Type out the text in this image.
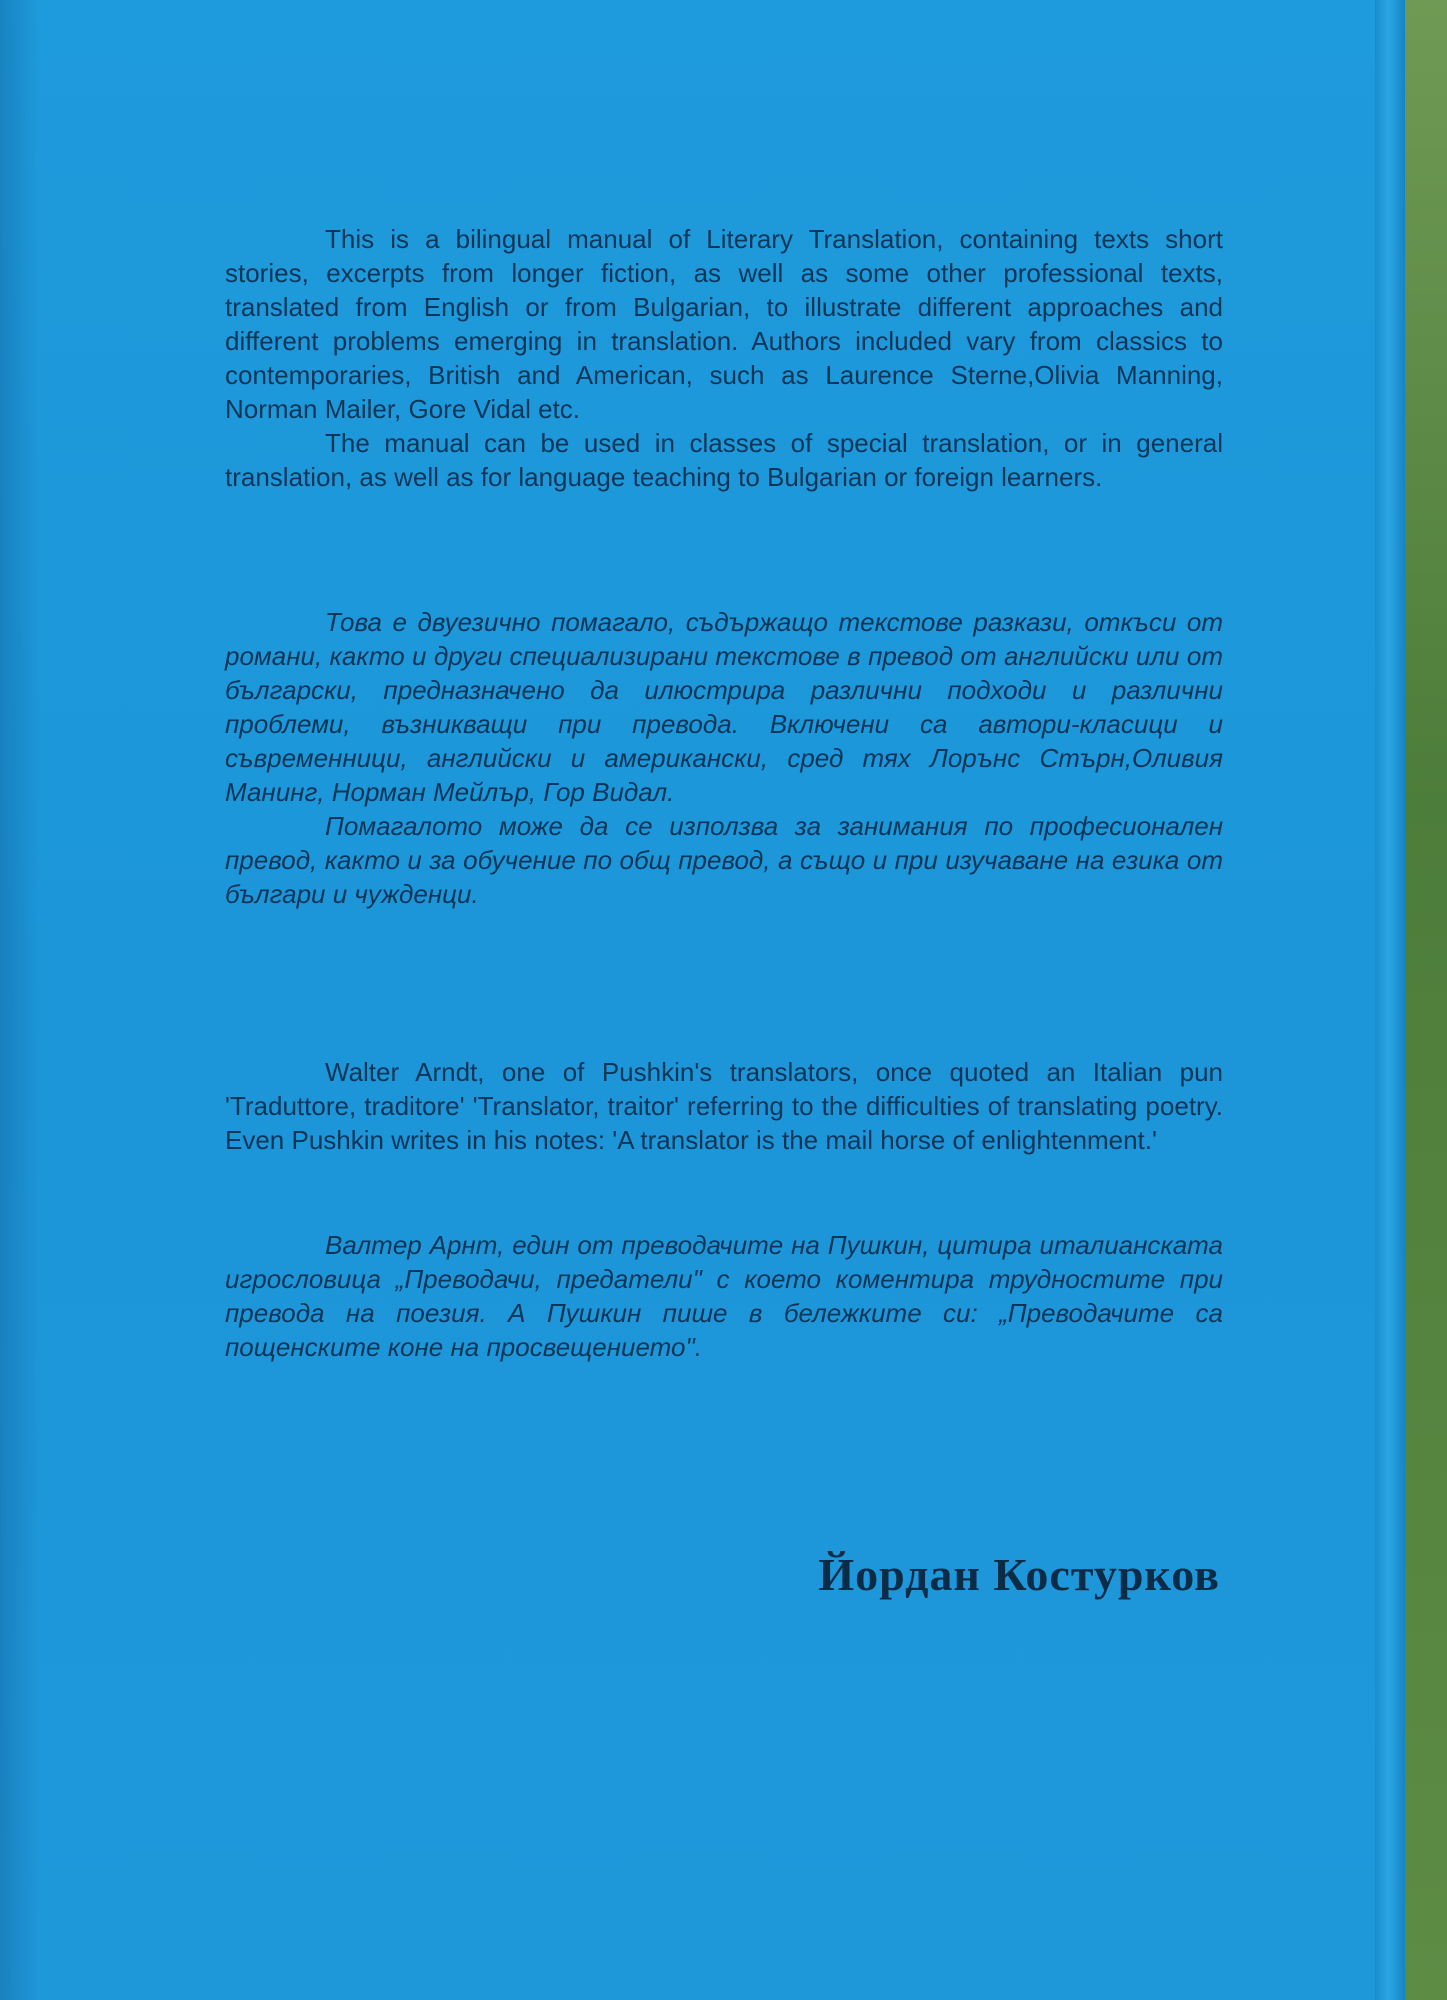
This is a bilingual manual of Literary Translation, containing texts short stories, excerpts from longer fiction, as well as some other professional texts, translated from English or from Bulgarian, to illustrate different approaches and different problems emerging in translation. Authors included vary from classics to contemporaries, British and American, such as Laurence Sterne,Olivia Manning, Norman Mailer, Gore Vidal etc.

The manual can be used in classes of special translation, or in general translation, as well as for language teaching to Bulgarian or foreign learners.

Това е двуезично помагало, съдържащо текстове разкази, откъси от романи, както и други специализирани текстове в превод от английски или от български, предназначено да илюстрира различни подходи и различни проблеми, възникващи при превода. Включени са автори-класици и съвременници, английски и американски, сред тях Лорънс Стърн,Оливия Манинг, Норман Мейлър, Гор Видал.

Помагалото може да се използва за занимания по професионален превод, както и за обучение по общ превод, а също и при изучаване на езика от българи и чужденци.

Walter Arndt, one of Pushkin's translators, once quoted an Italian pun 'Traduttore, traditore' 'Translator, traitor' referring to the difficulties of translating poetry. Even Pushkin writes in his notes: 'A translator is the mail horse of enlightenment.'

Валтер Арнт, един от преводачите на Пушкин, цитира италианската игрословица „Преводачи, предатели" с което коментира трудностите при превода на поезия. А Пушкин пише в бележките си: „Преводачите са пощенските коне на просвещението".

Йордан Костурков
